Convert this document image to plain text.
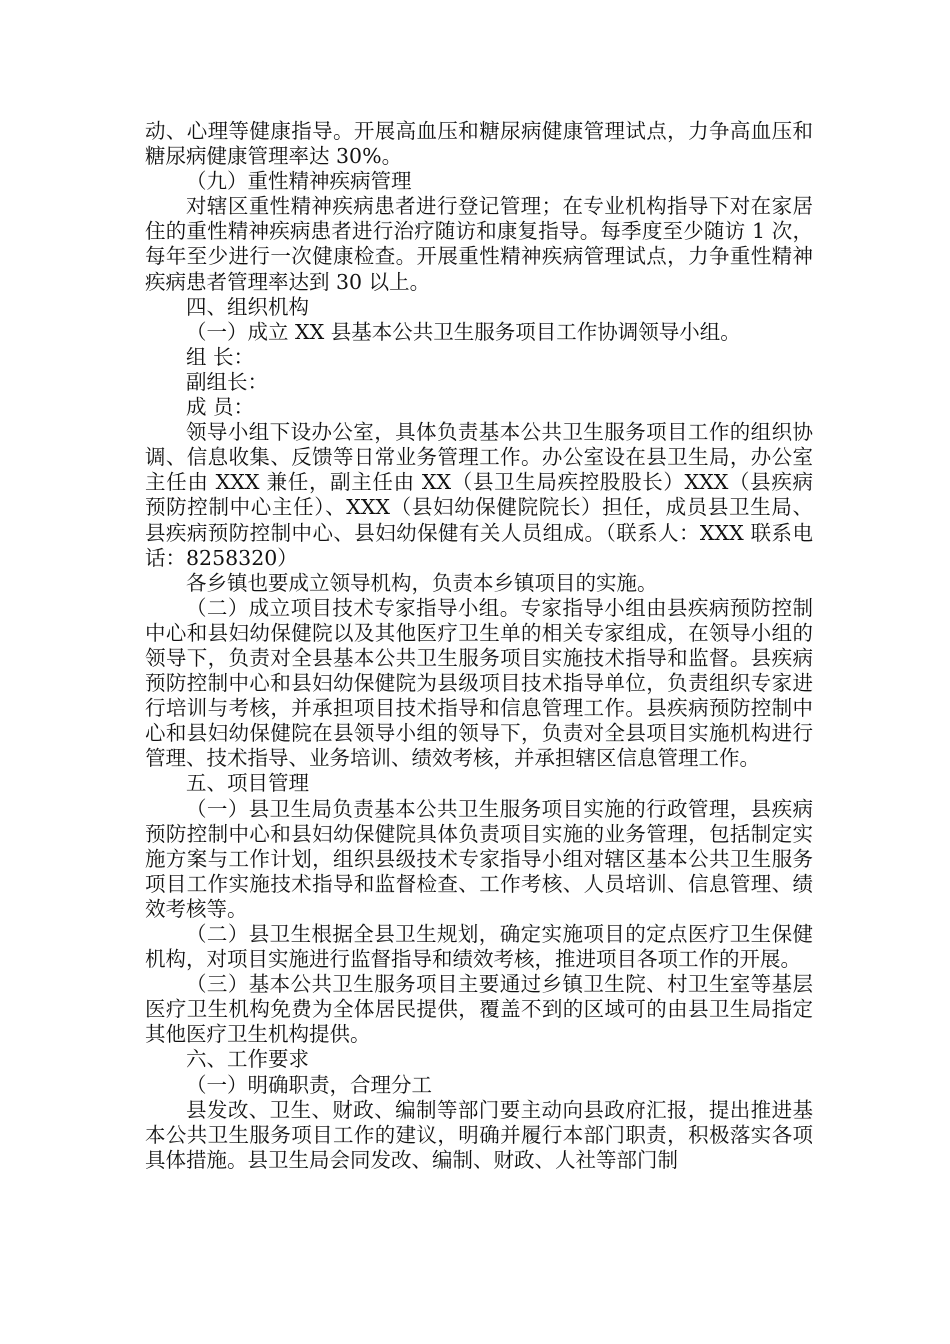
动、心理等健康指导。开展高血压和糖尿病健康管理试点，力争高血压和糖尿病健康管理率达 30%。

（九）重性精神疾病管理

对辖区重性精神疾病患者进行登记管理；在专业机构指导下对在家居住的重性精神疾病患者进行治疗随访和康复指导。每季度至少随访 1 次，每年至少进行一次健康检查。开展重性精神疾病管理试点，力争重性精神疾病患者管理率达到 30 以上。

四、组织机构

（一）成立 XX 县基本公共卫生服务项目工作协调领导小组。

组 长：

副组长：

成 员：

领导小组下设办公室，具体负责基本公共卫生服务项目工作的组织协调、信息收集、反馈等日常业务管理工作。办公室设在县卫生局，办公室主任由 XXX 兼任，副主任由 XX（县卫生局疾控股股长）XXX（县疾病预防控制中心主任）、XXX（县妇幼保健院院长）担任，成员县卫生局、县疾病预防控制中心、县妇幼保健有关人员组成。（联系人：XXX 联系电话：8258320）

各乡镇也要成立领导机构，负责本乡镇项目的实施。

（二）成立项目技术专家指导小组。专家指导小组由县疾病预防控制中心和县妇幼保健院以及其他医疗卫生单的相关专家组成，在领导小组的领导下，负责对全县基本公共卫生服务项目实施技术指导和监督。县疾病预防控制中心和县妇幼保健院为县级项目技术指导单位，负责组织专家进行培训与考核，并承担项目技术指导和信息管理工作。县疾病预防控制中心和县妇幼保健院在县领导小组的领导下，负责对全县项目实施机构进行管理、技术指导、业务培训、绩效考核，并承担辖区信息管理工作。

五、项目管理

（一）县卫生局负责基本公共卫生服务项目实施的行政管理，县疾病预防控制中心和县妇幼保健院具体负责项目实施的业务管理，包括制定实施方案与工作计划，组织县级技术专家指导小组对辖区基本公共卫生服务项目工作实施技术指导和监督检查、工作考核、人员培训、信息管理、绩效考核等。

（二）县卫生根据全县卫生规划，确定实施项目的定点医疗卫生保健机构，对项目实施进行监督指导和绩效考核，推进项目各项工作的开展。

（三）基本公共卫生服务项目主要通过乡镇卫生院、村卫生室等基层医疗卫生机构免费为全体居民提供，覆盖不到的区域可的由县卫生局指定其他医疗卫生机构提供。

六、工作要求

（一）明确职责，合理分工

县发改、卫生、财政、编制等部门要主动向县政府汇报，提出推进基本公共卫生服务项目工作的建议，明确并履行本部门职责，积极落实各项具体措施。县卫生局会同发改、编制、财政、人社等部门制
